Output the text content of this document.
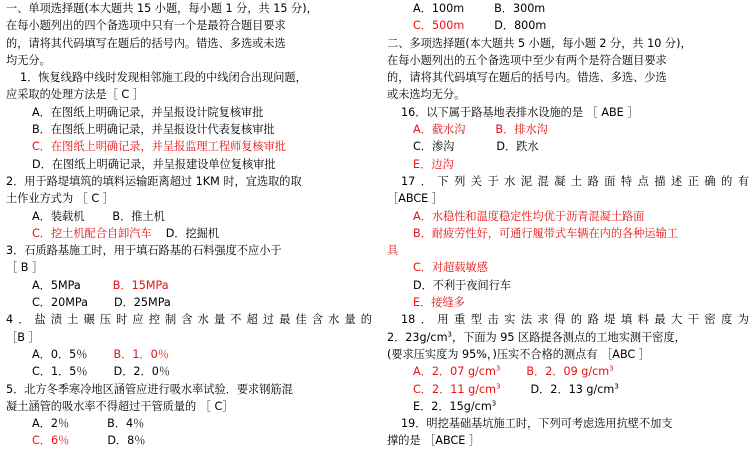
一、单项选择题(本大题共 15 小题，每小题 1 分，共 15 分)，
在每小题列出的四个备选项中只有一个是最符合题目要求
的，请将其代码填写在题后的括号内。错选、多选或未选
均无分。
1．恢复线路中线时发现相邻施工段的中线闭合出现问题，
应采取的处理方法是［ C ］
A．在图纸上明确记录，并呈报设计院复核审批
B．在图纸上明确记录，并呈报设计代表复核审批
C．在图纸上明确记录，并呈报监理工程师复核审批
D．在图纸上明确记录，并呈报建设单位复核审批
2．用于路堤填筑的填料运输距离超过 1KM 时，宜选取的取
土作业方式为 ［ C ］
A．装载机	B．推土机
C．挖土机配合自卸汽车 D．挖掘机
3．石质路基施工时，用于填石路基的石料强度不应小于
［ B ］
A．5MPa	B．15MPa
C．20MPa D．25MPa
4．盐渍土碾压时应控制含水量不超过最佳含水量的
［B ］
A．0．5％ B．1．0％
C．1．5％ D．2．0％
5．北方冬季寒冷地区涵管应进行吸水率试验．要求钢筋混
凝土涵管的吸水率不得超过干管质量的 ［ C］
A．2％	B．4％
C．6％	D．8％
A．100m	B．300m
C．500m	D．800m
二、多项选择题(本大题共 5 小题，每小题 2 分，共 10 分)，
在每小题列出的五个备选项中至少有两个是符合题目要求
的，请将其代码填写在题后的括号内。错选、多选、少选
或未选均无分。
16．以下属于路基地表排水设施的是 ［ ABE ］
A．截水沟	B．排水沟
C．渗沟	D．跌水
E．边沟
17．下列关于水泥混凝土路面特点描述正确的有
［ABCE ］
A．水稳性和温度稳定性均优于沥青混凝土路面
B．耐疲劳性好，可通行履带式车辆在内的各种运输工
具
C．对超载敏感
D．不利于夜间行车
E．接缝多
18．用重型击实法求得的路堤填料最大干密度为
2．$23g/cm^3$，下面为 95 区路提各测点的工地实测干密度，
(要求压实度为 95%，)压实不合格的测点有 ［ABC ］
A．2．07 $g/cm^3$ B．2．09 $g/cm^3$
C．2．11 $g/cm^3$	D．2．13 $g/cm^3$
E．2．$15g/cm^3$
19．明挖基础基坑施工时，下列可考虑选用抗壁不加支
撑的是 ［ABCE ］
